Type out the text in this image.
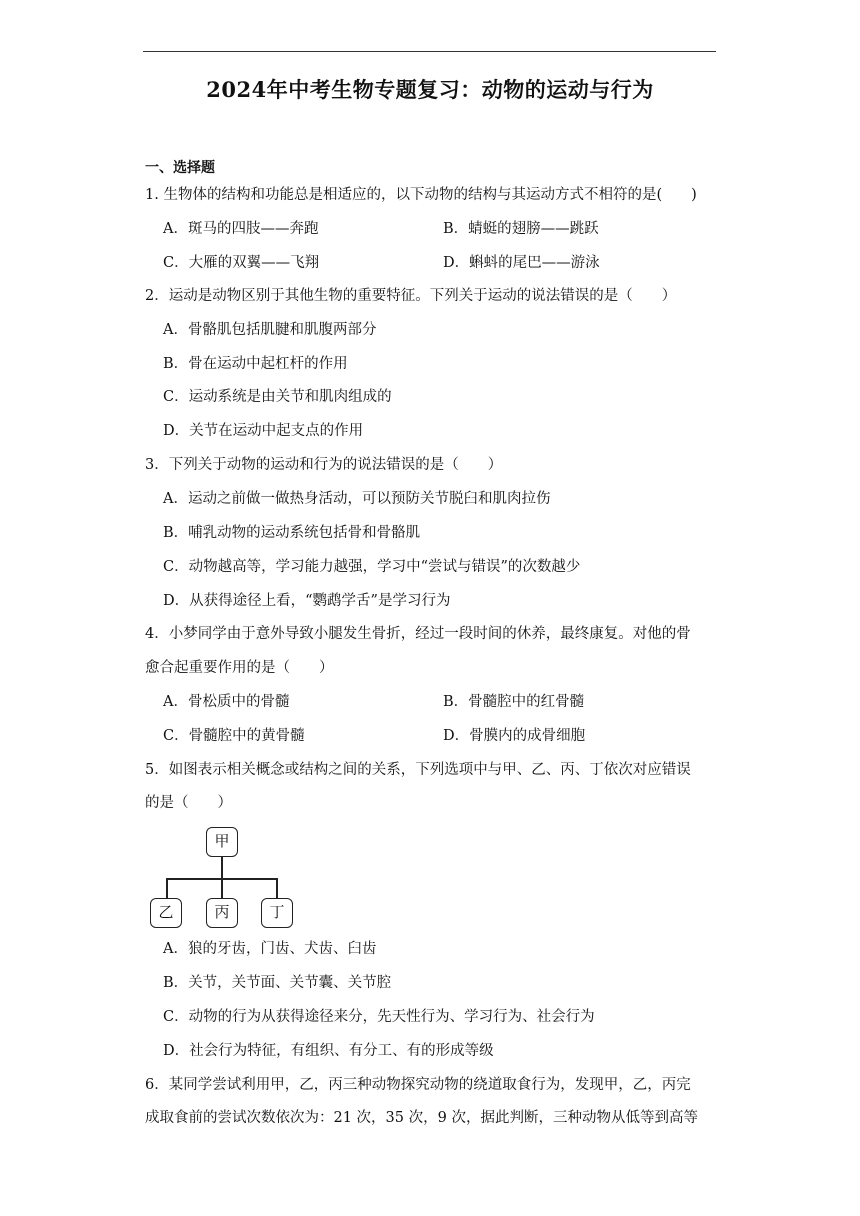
2024年中考生物专题复习：动物的运动与行为
一、选择题
1. 生物体的结构和功能总是相适应的，以下动物的结构与其运动方式不相符的是(　　)
A．斑马的四肢——奔跑	B．蜻蜓的翅膀——跳跃
C．大雁的双翼——飞翔	D．蝌蚪的尾巴——游泳
2．运动是动物区别于其他生物的重要特征。下列关于运动的说法错误的是（　　）
A．骨骼肌包括肌腱和肌腹两部分
B．骨在运动中起杠杆的作用
C．运动系统是由关节和肌肉组成的
D．关节在运动中起支点的作用
3．下列关于动物的运动和行为的说法错误的是（　　）
A．运动之前做一做热身活动，可以预防关节脱臼和肌肉拉伤
B．哺乳动物的运动系统包括骨和骨骼肌
C．动物越高等，学习能力越强，学习中“尝试与错误”的次数越少
D．从获得途径上看，“鹦鹉学舌”是学习行为
4．小梦同学由于意外导致小腿发生骨折，经过一段时间的休养，最终康复。对他的骨
愈合起重要作用的是（　　）
A．骨松质中的骨髓	B．骨髓腔中的红骨髓
C．骨髓腔中的黄骨髓	D．骨膜内的成骨细胞
5．如图表示相关概念或结构之间的关系，下列选项中与甲、乙、丙、丁依次对应错误
的是（　　）
甲
乙	丙	丁
A．狼的牙齿，门齿、犬齿、臼齿
B．关节，关节面、关节囊、关节腔
C．动物的行为从获得途径来分，先天性行为、学习行为、社会行为
D．社会行为特征，有组织、有分工、有的形成等级
6．某同学尝试利用甲，乙，丙三种动物探究动物的绕道取食行为，发现甲，乙，丙完
成取食前的尝试次数依次为：21 次，35 次，9 次，据此判断，三种动物从低等到高等
